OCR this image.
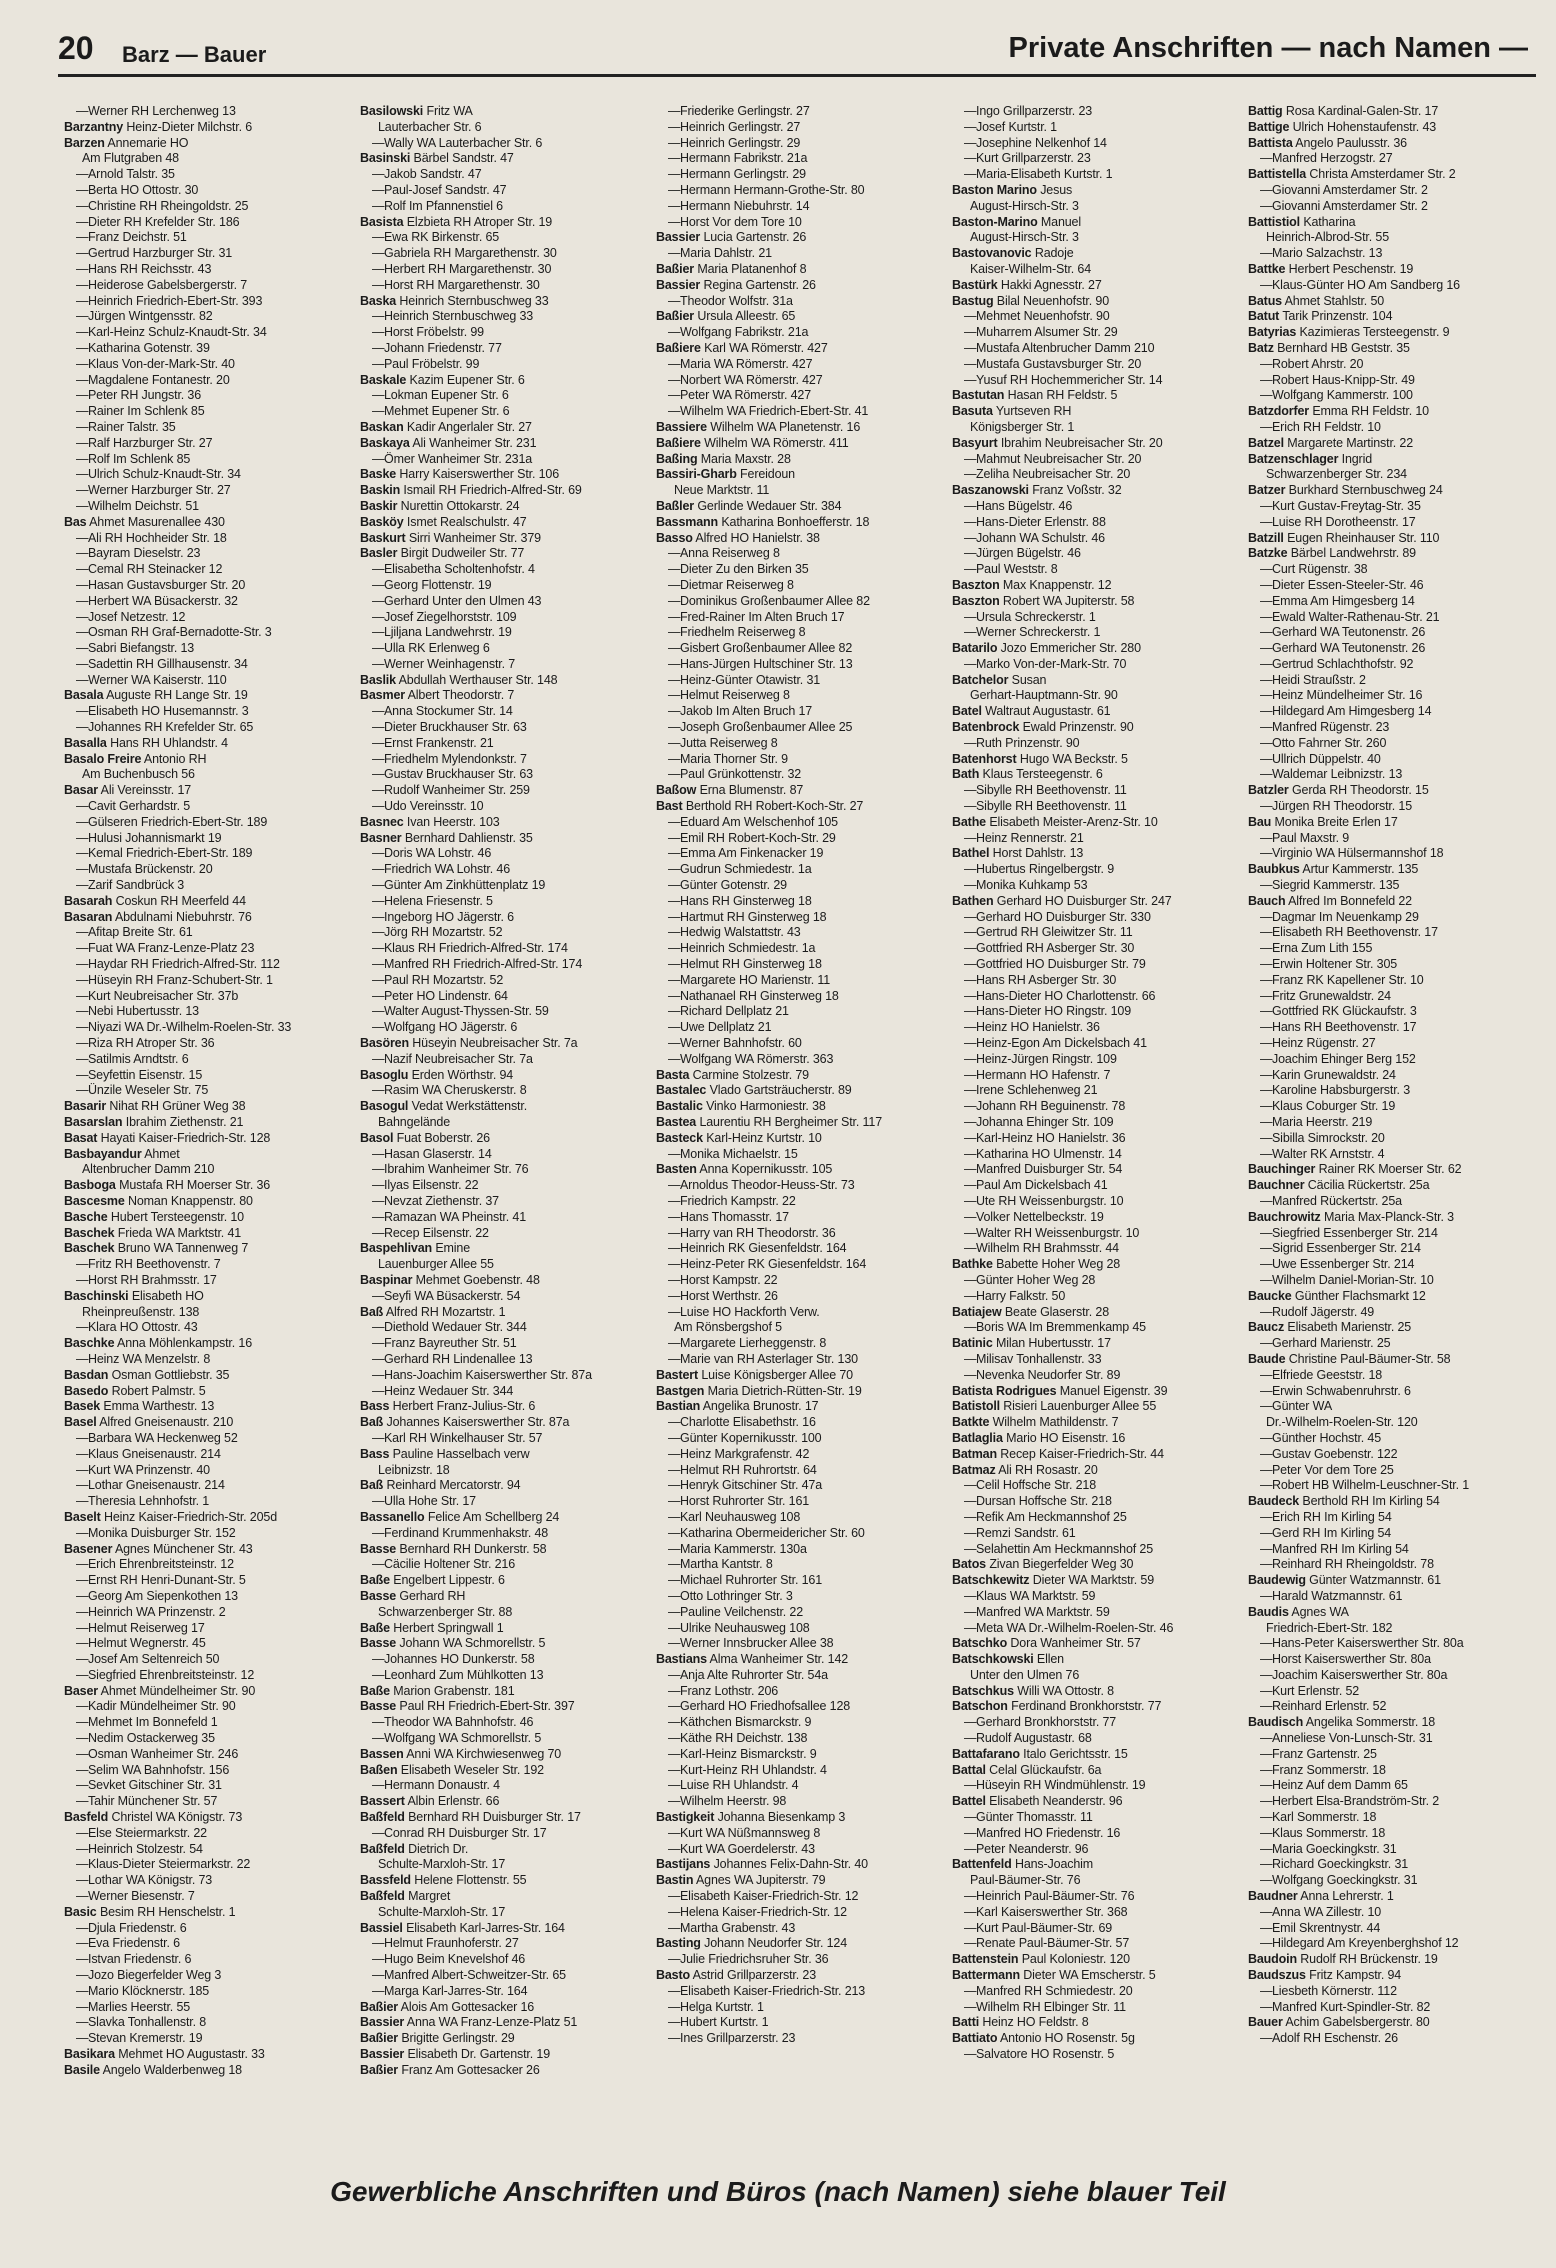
20 Barz — Bauer	Private Anschriften — nach Namen —
—Werner RH Lerchenweg 13
Barzantny Heinz-Dieter Milchstr. 6
Barzen Annemarie HO
Am Flutgraben 48
—Arnold Talstr. 35
—Berta HO Ottostr. 30
—Christine RH Rheingoldstr. 25
—Dieter RH Krefelder Str. 186
—Franz Deichstr. 51
—Gertrud Harzburger Str. 31
—Hans RH Reichsstr. 43
—Heiderose Gabelsbergerstr. 7
—Heinrich Friedrich-Ebert-Str. 393
—Jürgen Wintgensstr. 82
—Karl-Heinz Schulz-Knaudt-Str. 34
—Katharina Gotenstr. 39
—Klaus Von-der-Mark-Str. 40
—Magdalene Fontanestr. 20
—Peter RH Jungstr. 36
—Rainer Im Schlenk 85
—Rainer Talstr. 35
—Ralf Harzburger Str. 27
—Rolf Im Schlenk 85
—Ulrich Schulz-Knaudt-Str. 34
—Werner Harzburger Str. 27
—Wilhelm Deichstr. 51
Bas Ahmet Masurenallee 430
—Ali RH Hochheider Str. 18
—Bayram Dieselstr. 23
—Cemal RH Steinacker 12
—Hasan Gustavsburger Str. 20
—Herbert WA Büsackerstr. 32
—Josef Netzestr. 12
—Osman RH Graf-Bernadotte-Str. 3
—Sabri Biefangstr. 13
—Sadettin RH Gillhausenstr. 34
—Werner WA Kaiserstr. 110
Basala Auguste RH Lange Str. 19
—Elisabeth HO Husemannstr. 3
—Johannes RH Krefelder Str. 65
Basalla Hans RH Uhlandstr. 4
Basalo Freire Antonio RH
Am Buchenbusch 56
Basar Ali Vereinsstr. 17
—Cavit Gerhardstr. 5
—Gülseren Friedrich-Ebert-Str. 189
—Hulusi Johannismarkt 19
—Kemal Friedrich-Ebert-Str. 189
—Mustafa Brückenstr. 20
—Zarif Sandbrück 3
Basarah Coskun RH Meerfeld 44
Basaran Abdulnami Niebuhrstr. 76
—Afitap Breite Str. 61
—Fuat WA Franz-Lenze-Platz 23
—Haydar RH Friedrich-Alfred-Str. 112
—Hüseyin RH Franz-Schubert-Str. 1
—Kurt Neubreisacher Str. 37b
—Nebi Hubertusstr. 13
—Niyazi WA Dr.-Wilhelm-Roelen-Str. 33
—Riza RH Atroper Str. 36
—Satilmis Arndtstr. 6
—Seyfettin Eisenstr. 15
—Ünzile Weseler Str. 75
Basarir Nihat RH Grüner Weg 38
Basarslan Ibrahim Ziethenstr. 21
Basat Hayati Kaiser-Friedrich-Str. 128
Basbayandur Ahmet
Altenbrucher Damm 210
Basboga Mustafa RH Moerser Str. 36
Bascesme Noman Knappenstr. 80
Basche Hubert Tersteegenstr. 10
Baschek Frieda WA Marktstr. 41
Baschek Bruno WA Tannenweg 7
—Fritz RH Beethovenstr. 7
—Horst RH Brahmsstr. 17
Baschinski Elisabeth HO
Rheinpreußenstr. 138
—Klara HO Ottostr. 43
Baschke Anna Möhlenkampstr. 16
—Heinz WA Menzelstr. 8
Basdan Osman Gottliebstr. 35
Basedo Robert Palmstr. 5
Basek Emma Warthestr. 13
Basel Alfred Gneisenaustr. 210
—Barbara WA Heckenweg 52
—Klaus Gneisenaustr. 214
—Kurt WA Prinzenstr. 40
—Lothar Gneisenaustr. 214
—Theresia Lehnhofstr. 1
Baselt Heinz Kaiser-Friedrich-Str. 205d
—Monika Duisburger Str. 152
Basener Agnes Münchener Str. 43
—Erich Ehrenbreitsteinstr. 12
—Ernst RH Henri-Dunant-Str. 5
—Georg Am Siepenkothen 13
—Heinrich WA Prinzenstr. 2
—Helmut Reiserweg 17
—Helmut Wegnerstr. 45
—Josef Am Seltenreich 50
—Siegfried Ehrenbreitsteinstr. 12
Baser Ahmet Mündelheimer Str. 90
—Kadir Mündelheimer Str. 90
—Mehmet Im Bonnefeld 1
—Nedim Ostackerweg 35
—Osman Wanheimer Str. 246
—Selim WA Bahnhofstr. 156
—Sevket Gitschiner Str. 31
—Tahir Münchener Str. 57
Basfeld Christel WA Königstr. 73
—Else Steiermarkstr. 22
—Heinrich Stolzestr. 54
—Klaus-Dieter Steiermarkstr. 22
—Lothar WA Königstr. 73
—Werner Biesenstr. 7
Basic Besim RH Henschelstr. 1
—Djula Friedenstr. 6
—Eva Friedenstr. 6
—Istvan Friedenstr. 6
—Jozo Biegerfelder Weg 3
—Mario Klöcknerstr. 185
—Marlies Heerstr. 55
—Slavka Tonhallenstr. 8
—Stevan Kremerstr. 19
Basikara Mehmet HO Augustastr. 33
Basile Angelo Walderbenweg 18
Basilowski Fritz WA
Lauterbacher Str. 6
—Wally WA Lauterbacher Str. 6
Basinski Bärbel Sandstr. 47
—Jakob Sandstr. 47
—Paul-Josef Sandstr. 47
—Rolf Im Pfannenstiel 6
Basista Elzbieta RH Atroper Str. 19
—Ewa RK Birkenstr. 65
—Gabriela RH Margarethenstr. 30
—Herbert RH Margarethenstr. 30
—Horst RH Margarethenstr. 30
Baska Heinrich Sternbuschweg 33
—Heinrich Sternbuschweg 33
—Horst Fröbelstr. 99
—Johann Friedenstr. 77
—Paul Fröbelstr. 99
Baskale Kazim Eupener Str. 6
—Lokman Eupener Str. 6
—Mehmet Eupener Str. 6
Baskan Kadir Angerlaler Str. 27
Baskaya Ali Wanheimer Str. 231
—Ömer Wanheimer Str. 231a
Baske Harry Kaiserswerther Str. 106
Baskin Ismail RH Friedrich-Alfred-Str. 69
Baskir Nurettin Ottokarstr. 24
Basköy Ismet Realschulstr. 47
Baskurt Sirri Wanheimer Str. 379
Basler Birgit Dudweiler Str. 77
—Elisabetha Scholtenhofstr. 4
—Georg Flottenstr. 19
—Gerhard Unter den Ulmen 43
—Josef Ziegelhorststr. 109
—Ljiljana Landwehrstr. 19
—Ulla RK Erlenweg 6
—Werner Weinhagenstr. 7
Baslik Abdullah Werthauser Str. 148
Basmer Albert Theodorstr. 7
—Anna Stockumer Str. 14
—Dieter Bruckhauser Str. 63
—Ernst Frankenstr. 21
—Friedhelm Mylendonkstr. 7
—Gustav Bruckhauser Str. 63
—Rudolf Wanheimer Str. 259
—Udo Vereinsstr. 10
Basnec Ivan Heerstr. 103
Basner Bernhard Dahlienstr. 35
—Doris WA Lohstr. 46
—Friedrich WA Lohstr. 46
—Günter Am Zinkhüttenplatz 19
—Helena Friesenstr. 5
—Ingeborg HO Jägerstr. 6
—Jörg RH Mozartstr. 52
—Klaus RH Friedrich-Alfred-Str. 174
—Manfred RH Friedrich-Alfred-Str. 174
—Paul RH Mozartstr. 52
—Peter HO Lindenstr. 64
—Walter August-Thyssen-Str. 59
—Wolfgang HO Jägerstr. 6
Basören Hüseyin Neubreisacher Str. 7a
—Nazif Neubreisacher Str. 7a
Basoglu Erden Wörthstr. 94
—Rasim WA Cheruskerstr. 8
Basogul Vedat Werkstättenstr.
Bahngelände
Basol Fuat Boberstr. 26
—Hasan Glaserstr. 14
—Ibrahim Wanheimer Str. 76
—Ilyas Eilsenstr. 22
—Nevzat Ziethenstr. 37
—Ramazan WA Pheinstr. 41
—Recep Eilsenstr. 22
Baspehlivan Emine
Lauenburger Allee 55
Baspinar Mehmet Goebenstr. 48
—Seyfi WA Büsackerstr. 54
Baß Alfred RH Mozartstr. 1
—Diethold Wedauer Str. 344
—Franz Bayreuther Str. 51
—Gerhard RH Lindenallee 13
—Hans-Joachim Kaiserswerther Str. 87a
—Heinz Wedauer Str. 344
Bass Herbert Franz-Julius-Str. 6
Baß Johannes Kaiserswerther Str. 87a
—Karl RH Winkelhauser Str. 57
Bass Pauline Hasselbach verw
Leibnizstr. 18
Baß Reinhard Mercatorstr. 94
—Ulla Hohe Str. 17
Bassanello Felice Am Schellberg 24
—Ferdinand Krummenhakstr. 48
Basse Bernhard RH Dunkerstr. 58
—Cäcilie Holtener Str. 216
Baße Engelbert Lippestr. 6
Basse Gerhard RH
Schwarzenberger Str. 88
Baße Herbert Springwall 1
Basse Johann WA Schmorellstr. 5
—Johannes HO Dunkerstr. 58
—Leonhard Zum Mühlkotten 13
Baße Marion Grabenstr. 181
Basse Paul RH Friedrich-Ebert-Str. 397
—Theodor WA Bahnhofstr. 46
—Wolfgang WA Schmorellstr. 5
Bassen Anni WA Kirchwiesenweg 70
Baßen Elisabeth Weseler Str. 192
—Hermann Donaustr. 4
Bassert Albin Erlenstr. 66
Baßfeld Bernhard RH Duisburger Str. 17
—Conrad RH Duisburger Str. 17
Baßfeld Dietrich Dr.
Schulte-Marxloh-Str. 17
Bassfeld Helene Flottenstr. 55
Baßfeld Margret
Schulte-Marxloh-Str. 17
Bassiel Elisabeth Karl-Jarres-Str. 164
—Helmut Fraunhoferstr. 27
—Hugo Beim Knevelshof 46
—Manfred Albert-Schweitzer-Str. 65
—Marga Karl-Jarres-Str. 164
Baßier Alois Am Gottesacker 16
Bassier Anna WA Franz-Lenze-Platz 51
Baßier Brigitte Gerlingstr. 29
Bassier Elisabeth Dr. Gartenstr. 19
Baßier Franz Am Gottesacker 26
—Friederike Gerlingstr. 27
—Heinrich Gerlingstr. 27
—Heinrich Gerlingstr. 29
—Hermann Fabrikstr. 21a
—Hermann Gerlingstr. 29
—Hermann Hermann-Grothe-Str. 80
—Hermann Niebuhrstr. 14
—Horst Vor dem Tore 10
Bassier Lucia Gartenstr. 26
—Maria Dahlstr. 21
Baßier Maria Platanenhof 8
Bassier Regina Gartenstr. 26
—Theodor Wolfstr. 31a
Baßier Ursula Alleestr. 65
—Wolfgang Fabrikstr. 21a
Baßiere Karl WA Römerstr. 427
—Maria WA Römerstr. 427
—Norbert WA Römerstr. 427
—Peter WA Römerstr. 427
—Wilhelm WA Friedrich-Ebert-Str. 41
Bassiere Wilhelm WA Planetenstr. 16
Baßiere Wilhelm WA Römerstr. 411
Baßing Maria Maxstr. 28
Bassiri-Gharb Fereidoun
Neue Marktstr. 11
Baßler Gerlinde Wedauer Str. 384
Bassmann Katharina Bonhoefferstr. 18
Basso Alfred HO Hanielstr. 38
—Anna Reiserweg 8
—Dieter Zu den Birken 35
—Dietmar Reiserweg 8
—Dominikus Großenbaumer Allee 82
—Fred-Rainer Im Alten Bruch 17
—Friedhelm Reiserweg 8
—Gisbert Großenbaumer Allee 82
—Hans-Jürgen Hultschiner Str. 13
—Heinz-Günter Otawistr. 31
—Helmut Reiserweg 8
—Jakob Im Alten Bruch 17
—Joseph Großenbaumer Allee 25
—Jutta Reiserweg 8
—Maria Thorner Str. 9
—Paul Grünkottenstr. 32
Baßow Erna Blumenstr. 87
Bast Berthold RH Robert-Koch-Str. 27
—Eduard Am Welschenhof 105
—Emil RH Robert-Koch-Str. 29
—Emma Am Finkenacker 19
—Gudrun Schmiedestr. 1a
—Günter Gotenstr. 29
—Hans RH Ginsterweg 18
—Hartmut RH Ginsterweg 18
—Hedwig Walstattstr. 43
—Heinrich Schmiedestr. 1a
—Helmut RH Ginsterweg 18
—Margarete HO Marienstr. 11
—Nathanael RH Ginsterweg 18
—Richard Dellplatz 21
—Uwe Dellplatz 21
—Werner Bahnhofstr. 60
—Wolfgang WA Römerstr. 363
Basta Carmine Stolzestr. 79
Bastalec Vlado Gartsträucherstr. 89
Bastalic Vinko Harmoniestr. 38
Bastea Laurentiu RH Bergheimer Str. 117
Basteck Karl-Heinz Kurtstr. 10
—Monika Michaelstr. 15
Basten Anna Kopernikusstr. 105
—Arnoldus Theodor-Heuss-Str. 73
—Friedrich Kampstr. 22
—Hans Thomasstr. 17
—Harry van RH Theodorstr. 36
—Heinrich RK Giesenfeldstr. 164
—Heinz-Peter RK Giesenfeldstr. 164
—Horst Kampstr. 22
—Horst Werthstr. 26
—Luise HO Hackforth Verw.
Am Rönsbergshof 5
—Margarete Lierheggenstr. 8
—Marie van RH Asterlager Str. 130
Bastert Luise Königsberger Allee 70
Bastgen Maria Dietrich-Rütten-Str. 19
Bastian Angelika Brunostr. 17
—Charlotte Elisabethstr. 16
—Günter Kopernikusstr. 100
—Heinz Markgrafenstr. 42
—Helmut RH Ruhrortstr. 64
—Henryk Gitschiner Str. 47a
—Horst Ruhrorter Str. 161
—Karl Neuhausweg 108
—Katharina Obermeidericher Str. 60
—Maria Kammerstr. 130a
—Martha Kantstr. 8
—Michael Ruhrorter Str. 161
—Otto Lothringer Str. 3
—Pauline Veilchenstr. 22
—Ulrike Neuhausweg 108
—Werner Innsbrucker Allee 38
Bastians Alma Wanheimer Str. 142
—Anja Alte Ruhrorter Str. 54a
—Franz Lothstr. 206
—Gerhard HO Friedhofsallee 128
—Käthchen Bismarckstr. 9
—Käthe RH Deichstr. 138
—Karl-Heinz Bismarckstr. 9
—Kurt-Heinz RH Uhlandstr. 4
—Luise RH Uhlandstr. 4
—Wilhelm Heerstr. 98
Bastigkeit Johanna Biesenkamp 3
—Kurt WA Nüßmannsweg 8
—Kurt WA Goerdelerstr. 43
Bastijans Johannes Felix-Dahn-Str. 40
Bastin Agnes WA Jupiterstr. 79
—Elisabeth Kaiser-Friedrich-Str. 12
—Helena Kaiser-Friedrich-Str. 12
—Martha Grabenstr. 43
Basting Johann Neudorfer Str. 124
—Julie Friedrichsruher Str. 36
Basto Astrid Grillparzerstr. 23
—Elisabeth Kaiser-Friedrich-Str. 213
—Helga Kurtstr. 1
—Hubert Kurtstr. 1
—Ines Grillparzerstr. 23
—Ingo Grillparzerstr. 23
—Josef Kurtstr. 1
—Josephine Nelkenhof 14
—Kurt Grillparzerstr. 23
—Maria-Elisabeth Kurtstr. 1
Baston Marino Jesus
August-Hirsch-Str. 3
Baston-Marino Manuel
August-Hirsch-Str. 3
Bastovanovic Radoje
Kaiser-Wilhelm-Str. 64
Bastürk Hakki Agnesstr. 27
Bastug Bilal Neuenhofstr. 90
—Mehmet Neuenhofstr. 90
—Muharrem Alsumer Str. 29
—Mustafa Altenbrucher Damm 210
—Mustafa Gustavsburger Str. 20
—Yusuf RH Hochemmericher Str. 14
Bastutan Hasan RH Feldstr. 5
Basuta Yurtseven RH
Königsberger Str. 1
Basyurt Ibrahim Neubreisacher Str. 20
—Mahmut Neubreisacher Str. 20
—Zeliha Neubreisacher Str. 20
Baszanowski Franz Voßstr. 32
—Hans Bügelstr. 46
—Hans-Dieter Erlenstr. 88
—Johann WA Schulstr. 46
—Jürgen Bügelstr. 46
—Paul Weststr. 8
Baszton Max Knappenstr. 12
Baszton Robert WA Jupiterstr. 58
—Ursula Schreckerstr. 1
—Werner Schreckerstr. 1
Batarilo Jozo Emmericher Str. 280
—Marko Von-der-Mark-Str. 70
Batchelor Susan
Gerhart-Hauptmann-Str. 90
Batel Waltraut Augustastr. 61
Batenbrock Ewald Prinzenstr. 90
—Ruth Prinzenstr. 90
Batenhorst Hugo WA Beckstr. 5
Bath Klaus Tersteegenstr. 6
—Sibylle RH Beethovenstr. 11
—Sibylle RH Beethovenstr. 11
Bathe Elisabeth Meister-Arenz-Str. 10
—Heinz Rennerstr. 21
Bathel Horst Dahlstr. 13
—Hubertus Ringelbergstr. 9
—Monika Kuhkamp 53
Bathen Gerhard HO Duisburger Str. 247
—Gerhard HO Duisburger Str. 330
—Gertrud RH Gleiwitzer Str. 11
—Gottfried RH Asberger Str. 30
—Gottfried HO Duisburger Str. 79
—Hans RH Asberger Str. 30
—Hans-Dieter HO Charlottenstr. 66
—Hans-Dieter HO Ringstr. 109
—Heinz HO Hanielstr. 36
—Heinz-Egon Am Dickelsbach 41
—Heinz-Jürgen Ringstr. 109
—Hermann HO Hafenstr. 7
—Irene Schlehenweg 21
—Johann RH Beguinenstr. 78
—Johanna Ehinger Str. 109
—Karl-Heinz HO Hanielstr. 36
—Katharina HO Ulmenstr. 14
—Manfred Duisburger Str. 54
—Paul Am Dickelsbach 41
—Ute RH Weissenburgstr. 10
—Volker Nettelbeckstr. 19
—Walter RH Weissenburgstr. 10
—Wilhelm RH Brahmsstr. 44
Bathke Babette Hoher Weg 28
—Günter Hoher Weg 28
—Harry Falkstr. 50
Batiajew Beate Glaserstr. 28
—Boris WA Im Bremmenkamp 45
Batinic Milan Hubertusstr. 17
—Milisav Tonhallenstr. 33
—Nevenka Neudorfer Str. 89
Batista Rodrigues Manuel Eigenstr. 39
Batistoll Risieri Lauenburger Allee 55
Batkte Wilhelm Mathildenstr. 7
Batlaglia Mario HO Eisenstr. 16
Batman Recep Kaiser-Friedrich-Str. 44
Batmaz Ali RH Rosastr. 20
—Celil Hoffsche Str. 218
—Dursan Hoffsche Str. 218
—Refik Am Heckmannshof 25
—Remzi Sandstr. 61
—Selahettin Am Heckmannshof 25
Batos Zivan Biegerfelder Weg 30
Batschkewitz Dieter WA Marktstr. 59
—Klaus WA Marktstr. 59
—Manfred WA Marktstr. 59
—Meta WA Dr.-Wilhelm-Roelen-Str. 46
Batschko Dora Wanheimer Str. 57
Batschkowski Ellen
Unter den Ulmen 76
Batschkus Willi WA Ottostr. 8
Batschon Ferdinand Bronkhorststr. 77
—Gerhard Bronkhorststr. 77
—Rudolf Augustastr. 68
Battafarano Italo Gerichtsstr. 15
Battal Celal Glückaufstr. 6a
—Hüseyin RH Windmühlenstr. 19
Battel Elisabeth Neanderstr. 96
—Günter Thomasstr. 11
—Manfred HO Friedenstr. 16
—Peter Neanderstr. 96
Battenfeld Hans-Joachim
Paul-Bäumer-Str. 76
—Heinrich Paul-Bäumer-Str. 76
—Karl Kaiserswerther Str. 368
—Kurt Paul-Bäumer-Str. 69
—Renate Paul-Bäumer-Str. 57
Battenstein Paul Koloniestr. 120
Battermann Dieter WA Emscherstr. 5
—Manfred RH Schmiedestr. 20
—Wilhelm RH Elbinger Str. 11
Batti Heinz HO Feldstr. 8
Battiato Antonio HO Rosenstr. 5g
—Salvatore HO Rosenstr. 5
Battig Rosa Kardinal-Galen-Str. 17
Battige Ulrich Hohenstaufenstr. 43
Battista Angelo Paulusstr. 36
—Manfred Herzogstr. 27
Battistella Christa Amsterdamer Str. 2
—Giovanni Amsterdamer Str. 2
—Giovanni Amsterdamer Str. 2
Battistiol Katharina
Heinrich-Albrod-Str. 55
—Mario Salzachstr. 13
Battke Herbert Peschenstr. 19
—Klaus-Günter HO Am Sandberg 16
Batus Ahmet Stahlstr. 50
Batut Tarik Prinzenstr. 104
Batyrias Kazimieras Tersteegenstr. 9
Batz Bernhard HB Geststr. 35
—Robert Ahrstr. 20
—Robert Haus-Knipp-Str. 49
—Wolfgang Kammerstr. 100
Batzdorfer Emma RH Feldstr. 10
—Erich RH Feldstr. 10
Batzel Margarete Martinstr. 22
Batzenschlager Ingrid
Schwarzenberger Str. 234
Batzer Burkhard Sternbuschweg 24
—Kurt Gustav-Freytag-Str. 35
—Luise RH Dorotheenstr. 17
Batzill Eugen Rheinhauser Str. 110
Batzke Bärbel Landwehrstr. 89
—Curt Rügenstr. 38
—Dieter Essen-Steeler-Str. 46
—Emma Am Himgesberg 14
—Ewald Walter-Rathenau-Str. 21
—Gerhard WA Teutonenstr. 26
—Gerhard WA Teutonenstr. 26
—Gertrud Schlachthofstr. 92
—Heidi Straußstr. 2
—Heinz Mündelheimer Str. 16
—Hildegard Am Himgesberg 14
—Manfred Rügenstr. 23
—Otto Fahrner Str. 260
—Ullrich Düppelstr. 40
—Waldemar Leibnizstr. 13
Batzler Gerda RH Theodorstr. 15
—Jürgen RH Theodorstr. 15
Bau Monika Breite Erlen 17
—Paul Maxstr. 9
—Virginio WA Hülsermannshof 18
Baubkus Artur Kammerstr. 135
—Siegrid Kammerstr. 135
Bauch Alfred Im Bonnefeld 22
—Dagmar Im Neuenkamp 29
—Elisabeth RH Beethovenstr. 17
—Erna Zum Lith 155
—Erwin Holtener Str. 305
—Franz RK Kapellener Str. 10
—Fritz Grunewaldstr. 24
—Gottfried RK Glückaufstr. 3
—Hans RH Beethovenstr. 17
—Heinz Rügenstr. 27
—Joachim Ehinger Berg 152
—Karin Grunewaldstr. 24
—Karoline Habsburgerstr. 3
—Klaus Coburger Str. 19
—Maria Heerstr. 219
—Sibilla Simrockstr. 20
—Walter RK Arnststr. 4
Bauchinger Rainer RK Moerser Str. 62
Bauchner Cäcilia Rückertstr. 25a
—Manfred Rückertstr. 25a
Bauchrowitz Maria Max-Planck-Str. 3
—Siegfried Essenberger Str. 214
—Sigrid Essenberger Str. 214
—Uwe Essenberger Str. 214
—Wilhelm Daniel-Morian-Str. 10
Baucke Günther Flachsmarkt 12
—Rudolf Jägerstr. 49
Baucz Elisabeth Marienstr. 25
—Gerhard Marienstr. 25
Baude Christine Paul-Bäumer-Str. 58
—Elfriede Geeststr. 18
—Erwin Schwabenruhrstr. 6
—Günter WA
Dr.-Wilhelm-Roelen-Str. 120
—Günther Hochstr. 45
—Gustav Goebenstr. 122
—Peter Vor dem Tore 25
—Robert HB Wilhelm-Leuschner-Str. 1
Baudeck Berthold RH Im Kirling 54
—Erich RH Im Kirling 54
—Gerd RH Im Kirling 54
—Manfred RH Im Kirling 54
—Reinhard RH Rheingoldstr. 78
Baudewig Günter Watzmannstr. 61
—Harald Watzmannstr. 61
Baudis Agnes WA
Friedrich-Ebert-Str. 182
—Hans-Peter Kaiserswerther Str. 80a
—Horst Kaiserswerther Str. 80a
—Joachim Kaiserswerther Str. 80a
—Kurt Erlenstr. 52
—Reinhard Erlenstr. 52
Baudisch Angelika Sommerstr. 18
—Anneliese Von-Lunsch-Str. 31
—Franz Gartenstr. 25
—Franz Sommerstr. 18
—Heinz Auf dem Damm 65
—Herbert Elsa-Brandström-Str. 2
—Karl Sommerstr. 18
—Klaus Sommerstr. 18
—Maria Goeckingkstr. 31
—Richard Goeckingkstr. 31
—Wolfgang Goeckingkstr. 31
Baudner Anna Lehrerstr. 1
—Anna WA Zillestr. 10
—Emil Skrentnystr. 44
—Hildegard Am Kreyenberghshof 12
Baudoin Rudolf RH Brückenstr. 19
Baudszus Fritz Kampstr. 94
—Liesbeth Körnerstr. 112
—Manfred Kurt-Spindler-Str. 82
Bauer Achim Gabelsbergerstr. 80
—Adolf RH Eschenstr. 26
Gewerbliche Anschriften und Büros (nach Namen) siehe blauer Teil
